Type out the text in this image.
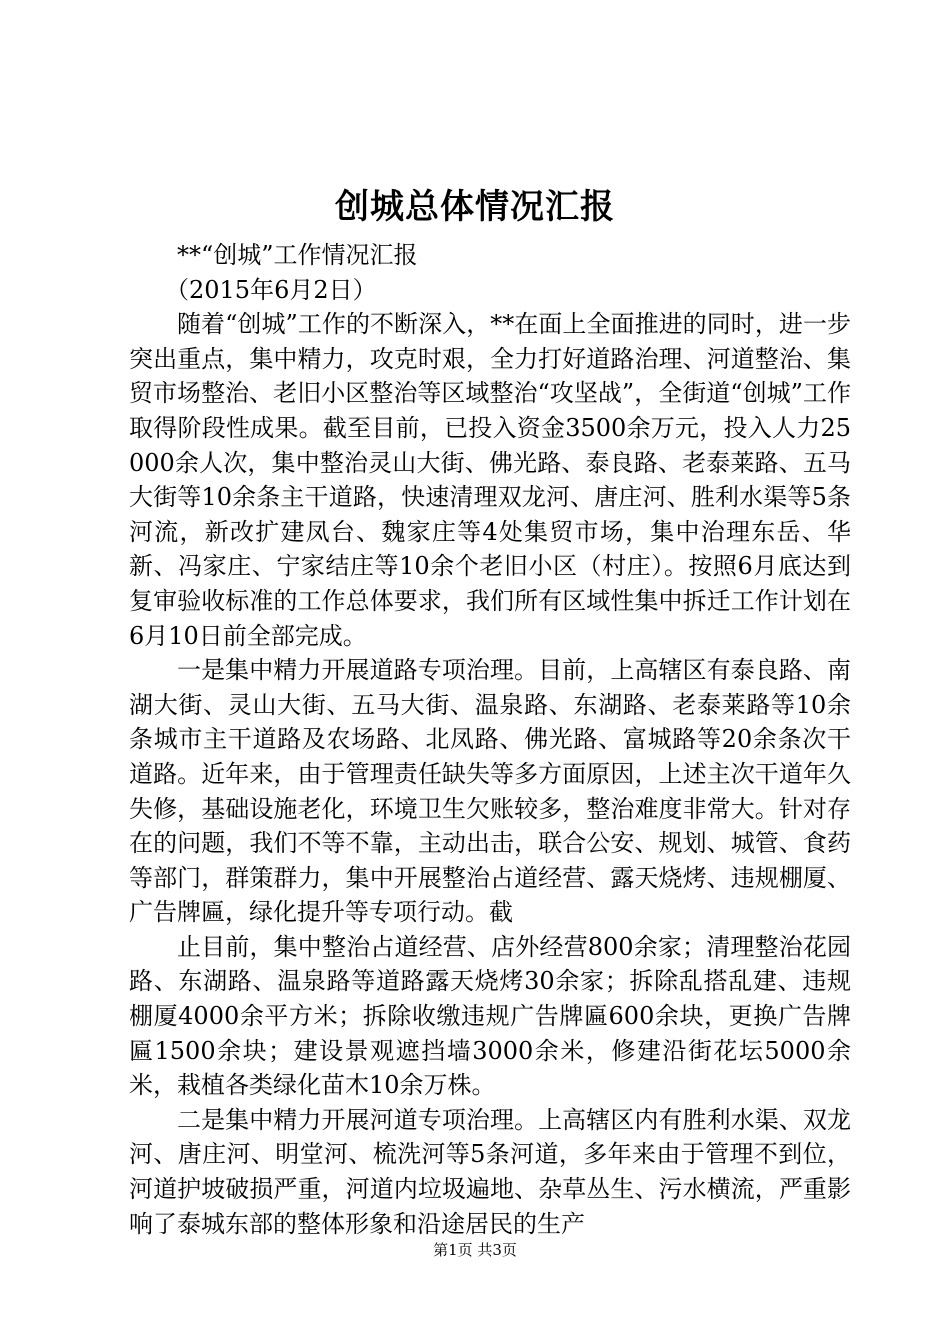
创城总体情况汇报

**“创城”工作情况汇报

（2015年6月2日）

随着“创城”工作的不断深入，**在面上全面推进的同时，进一步突出重点，集中精力，攻克时艰，全力打好道路治理、河道整治、集贸市场整治、老旧小区整治等区域整治“攻坚战”，全街道“创城”工作取得阶段性成果。截至目前，已投入资金3500余万元，投入人力25000余人次，集中整治灵山大街、佛光路、泰良路、老泰莱路、五马大街等10余条主干道路，快速清理双龙河、唐庄河、胜利水渠等5条河流，新改扩建凤台、魏家庄等4处集贸市场，集中治理东岳、华新、冯家庄、宁家结庄等10余个老旧小区（村庄）。按照6月底达到复审验收标准的工作总体要求，我们所有区域性集中拆迁工作计划在6月10日前全部完成。

一是集中精力开展道路专项治理。目前，上高辖区有泰良路、南湖大街、灵山大街、五马大街、温泉路、东湖路、老泰莱路等10余条城市主干道路及农场路、北凤路、佛光路、富城路等20余条次干道路。近年来，由于管理责任缺失等多方面原因，上述主次干道年久失修，基础设施老化，环境卫生欠账较多，整治难度非常大。针对存在的问题，我们不等不靠，主动出击，联合公安、规划、城管、食药等部门，群策群力，集中开展整治占道经营、露天烧烤、违规棚厦、广告牌匾，绿化提升等专项行动。截

止目前，集中整治占道经营、店外经营800余家；清理整治花园路、东湖路、温泉路等道路露天烧烤30余家；拆除乱搭乱建、违规棚厦4000余平方米；拆除收缴违规广告牌匾600余块，更换广告牌匾1500余块；建设景观遮挡墙3000余米，修建沿街花坛5000余米，栽植各类绿化苗木10余万株。

二是集中精力开展河道专项治理。上高辖区内有胜利水渠、双龙河、唐庄河、明堂河、梳洗河等5条河道，多年来由于管理不到位，河道护坡破损严重，河道内垃圾遍地、杂草丛生、污水横流，严重影响了泰城东部的整体形象和沿途居民的生产

第1页 共3页
